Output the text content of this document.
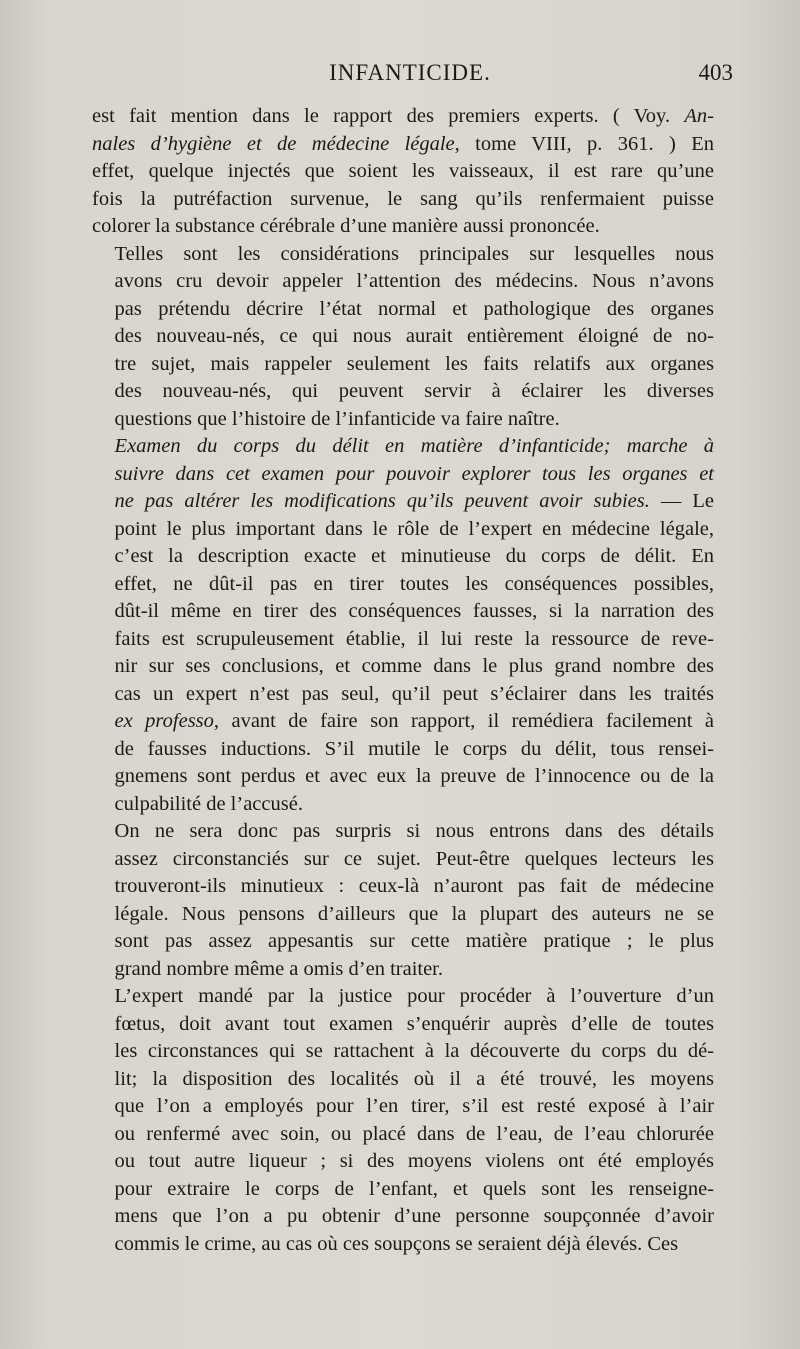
INFANTICIDE.	403

est fait mention dans le rapport des premiers experts. ( Voy. An-
nales d’hygiène et de médecine légale, tome VIII, p. 361. ) En
effet, quelque injectés que soient les vaisseaux, il est rare qu’une
fois la putréfaction survenue, le sang qu’ils renfermaient puisse
colorer la substance cérébrale d’une manière aussi prononcée.

Telles sont les considérations principales sur lesquelles nous
avons cru devoir appeler l’attention des médecins. Nous n’avons
pas prétendu décrire l’état normal et pathologique des organes
des nouveau-nés, ce qui nous aurait entièrement éloigné de no-
tre sujet, mais rappeler seulement les faits relatifs aux organes
des nouveau-nés, qui peuvent servir à éclairer les diverses
questions que l’histoire de l’infanticide va faire naître.

Examen du corps du délit en matière d’infanticide; marche à
suivre dans cet examen pour pouvoir explorer tous les organes et
ne pas altérer les modifications qu’ils peuvent avoir subies. — Le
point le plus important dans le rôle de l’expert en médecine légale,
c’est la description exacte et minutieuse du corps de délit. En
effet, ne dût-il pas en tirer toutes les conséquences possibles,
dût-il même en tirer des conséquences fausses, si la narration des
faits est scrupuleusement établie, il lui reste la ressource de reve-
nir sur ses conclusions, et comme dans le plus grand nombre des
cas un expert n’est pas seul, qu’il peut s’éclairer dans les traités
ex professo, avant de faire son rapport, il remédiera facilement à
de fausses inductions. S’il mutile le corps du délit, tous rensei-
gnemens sont perdus et avec eux la preuve de l’innocence ou de la
culpabilité de l’accusé.

On ne sera donc pas surpris si nous entrons dans des détails
assez circonstanciés sur ce sujet. Peut-être quelques lecteurs les
trouveront-ils minutieux : ceux-là n’auront pas fait de médecine
légale. Nous pensons d’ailleurs que la plupart des auteurs ne se
sont pas assez appesantis sur cette matière pratique ; le plus
grand nombre même a omis d’en traiter.

L’expert mandé par la justice pour procéder à l’ouverture d’un
fœtus, doit avant tout examen s’enquérir auprès d’elle de toutes
les circonstances qui se rattachent à la découverte du corps du dé-
lit; la disposition des localités où il a été trouvé, les moyens
que l’on a employés pour l’en tirer, s’il est resté exposé à l’air
ou renfermé avec soin, ou placé dans de l’eau, de l’eau chlorurée
ou tout autre liqueur ; si des moyens violens ont été employés
pour extraire le corps de l’enfant, et quels sont les renseigne-
mens que l’on a pu obtenir d’une personne soupçonnée d’avoir
commis le crime, au cas où ces soupçons se seraient déjà élevés. Ces
